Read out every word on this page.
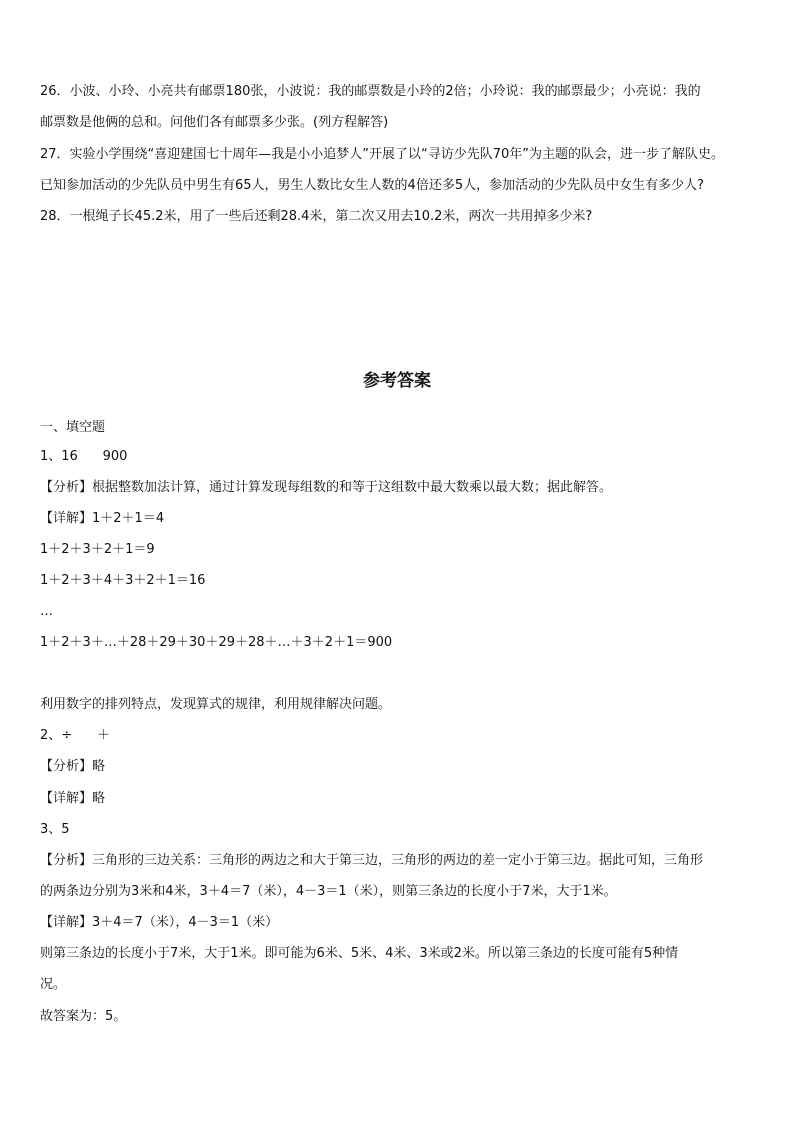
26．小波、小玲、小亮共有邮票180张，小波说：我的邮票数是小玲的2倍；小玲说：我的邮票最少；小亮说：我的
邮票数是他俩的总和。问他们各有邮票多少张。(列方程解答)
27．实验小学围绕“喜迎建国七十周年—我是小小追梦人”开展了以“寻访少先队70年”为主题的队会，进一步了解队史。
已知参加活动的少先队员中男生有65人，男生人数比女生人数的4倍还多5人，参加活动的少先队员中女生有多少人?
28．一根绳子长45.2米，用了一些后还剩28.4米，第二次又用去10.2米，两次一共用掉多少米?
参考答案
一、填空题
1、16      900
【分析】根据整数加法计算，通过计算发现每组数的和等于这组数中最大数乘以最大数；据此解答。
【详解】1＋2＋1＝4
1＋2＋3＋2＋1＝9
1＋2＋3＋4＋3＋2＋1＝16
…
1＋2＋3＋…＋28＋29＋30＋29＋28＋…＋3＋2＋1＝900
利用数字的排列特点，发现算式的规律，利用规律解决问题。
2、÷      ＋
【分析】略
【详解】略
3、5
【分析】三角形的三边关系：三角形的两边之和大于第三边，三角形的两边的差一定小于第三边。据此可知，三角形
的两条边分别为3米和4米，3＋4＝7（米），4－3＝1（米），则第三条边的长度小于7米，大于1米。
【详解】3＋4＝7（米），4－3＝1（米）
则第三条边的长度小于7米，大于1米。即可能为6米、5米、4米、3米或2米。所以第三条边的长度可能有5种情
况。
故答案为：5。
